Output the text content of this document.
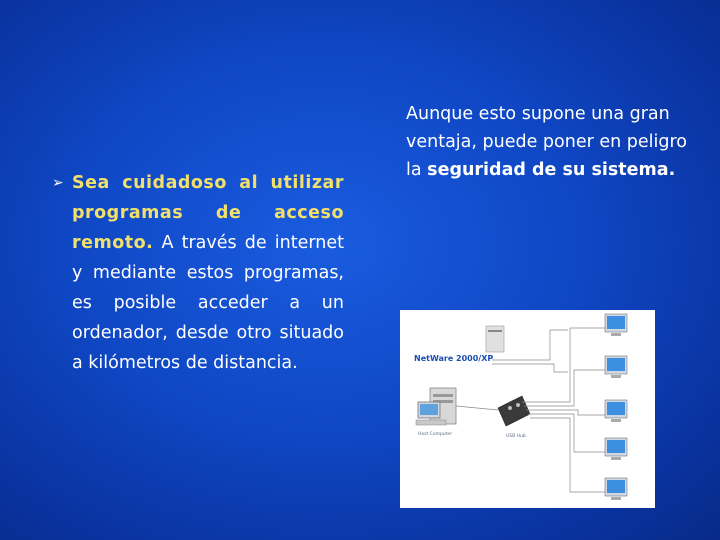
➢ Sea cuidadoso al utilizar programas de acceso remoto. A través de internet y mediante estos programas, es posible acceder a un ordenador, desde otro situado a kilómetros de distancia.
Aunque esto supone una gran ventaja, puede poner en peligro la seguridad de su sistema.
NetWare 2000/XP
Host Computer	USB Hub
